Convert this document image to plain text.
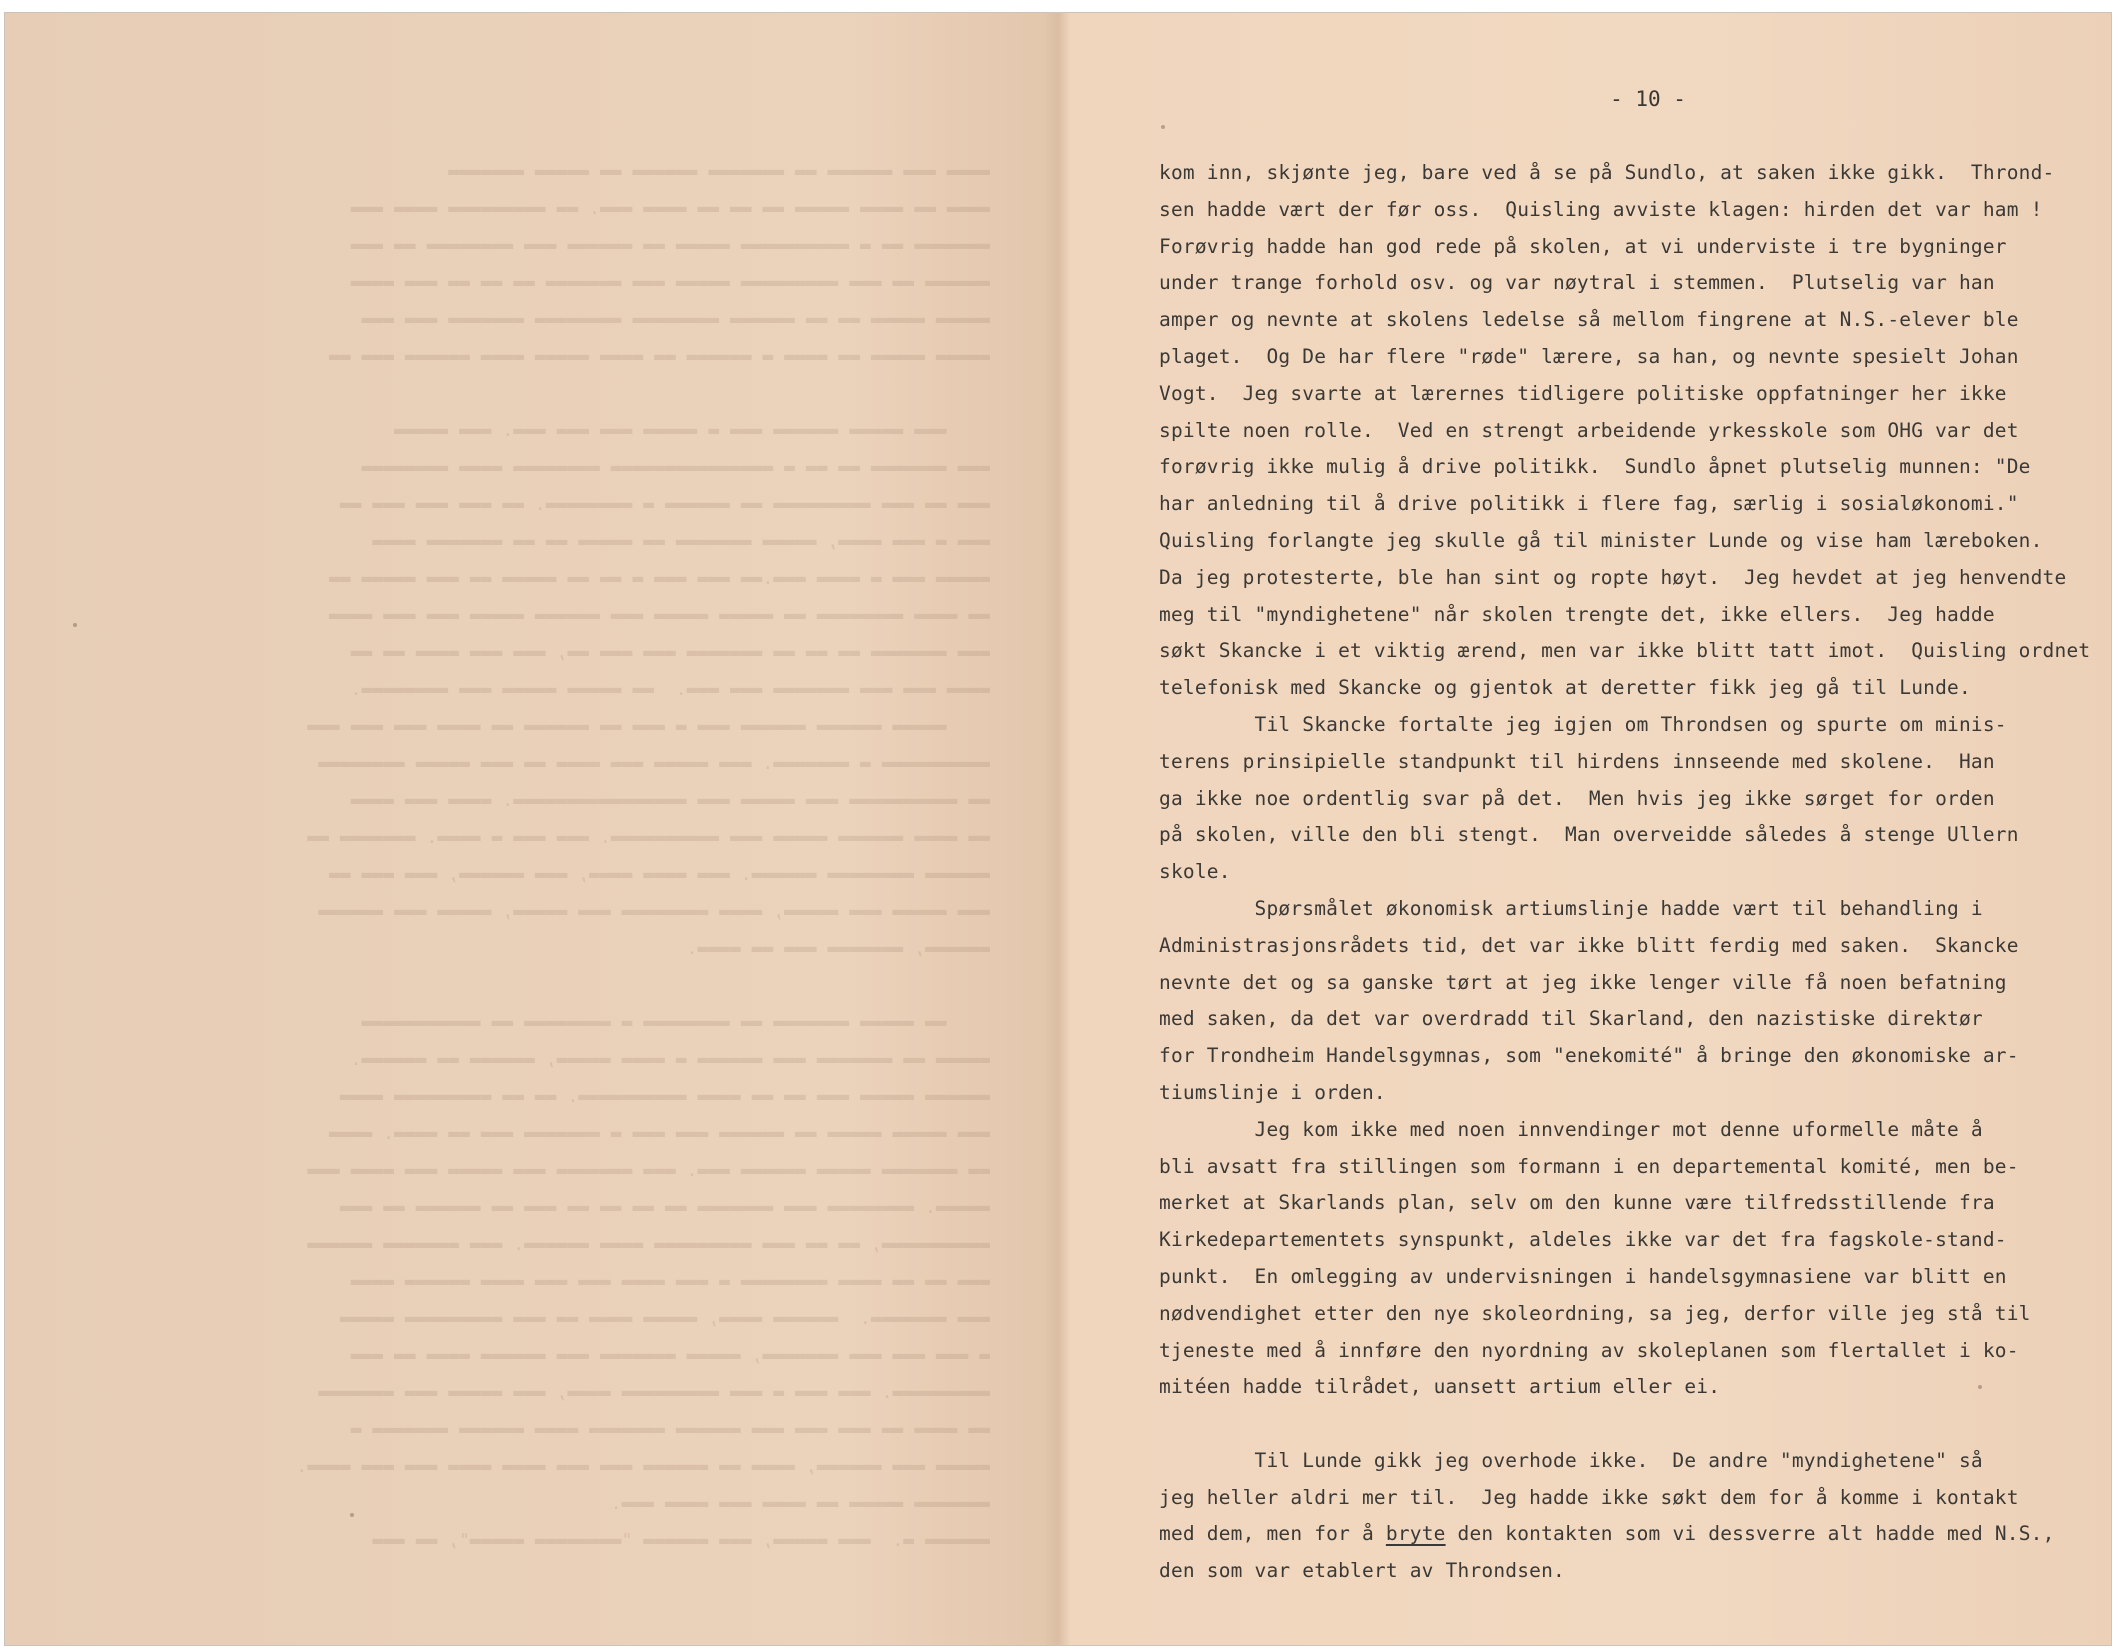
▬▬▬▬ ▬▬▬ ▬▬▬▬▬▬ ▬▬ ▬▬▬▬▬▬▬ ▬▬▬▬▬▬ ▬▬ ▬▬▬▬▬ ▬▬▬▬▬▬▬
▬▬▬▬ ▬▬ ▬▬▬▬ ▬▬▬▬▬ ▬▬ ▬▬ ▬▬ ▬▬▬▬ ▬▬▬. ▬▬ ▬▬▬▬▬▬▬▬▬ ▬▬▬▬ ▬▬▬
▬▬▬▬▬▬▬ ▬▬ ▬ ▬▬▬▬▬▬▬▬▬▬ ▬▬▬▬▬ ▬▬ ▬▬▬▬▬▬ ▬▬▬ ▬▬▬▬▬▬▬▬ ▬▬ ▬▬▬
▬▬▬▬▬▬ ▬▬ ▬▬▬ ▬▬▬▬▬▬▬▬▬ ▬▬▬▬▬ ▬▬▬ ▬▬▬▬▬▬▬ ▬▬ ▬▬ ▬▬ ▬▬▬ ▬▬▬▬
▬▬▬▬▬ ▬▬▬▬▬ ▬▬ ▬▬ ▬▬▬▬▬▬ ▬▬▬▬▬▬▬▬ ▬▬▬▬▬▬▬▬ ▬▬▬▬▬▬▬ ▬▬▬ ▬▬▬
▬▬▬▬▬ ▬▬▬▬▬ ▬▬ ▬▬▬▬ ▬ ▬▬▬▬▬▬ ▬▬ ▬▬▬▬ ▬▬▬▬▬ ▬▬▬▬ ▬▬▬▬▬▬ ▬▬▬ ▬▬

▬▬▬ ▬▬▬▬▬ ▬▬▬▬▬▬ ▬▬▬ ▬ ▬▬▬▬▬ ▬▬▬ ▬▬▬ ▬▬▬. ▬▬▬ ▬▬▬▬▬
▬▬▬ ▬▬▬▬▬▬▬ ▬▬ ▬▬ ▬ ▬▬▬▬▬▬▬▬▬▬▬▬▬▬▬ ▬▬▬▬▬▬▬▬ ▬▬▬▬ ▬▬▬▬▬▬▬▬
▬▬▬ ▬▬ ▬▬▬ ▬▬▬▬▬▬▬▬▬ ▬▬ ▬▬▬▬▬▬ ▬ ▬▬▬▬▬▬▬▬. ▬▬ ▬▬▬ ▬▬▬ ▬▬▬ ▬▬
▬▬▬ ▬ ▬▬▬ ▬▬▬▬, ▬▬▬▬▬ ▬▬▬▬▬▬▬ ▬▬ ▬▬▬▬▬ ▬▬ ▬▬ ▬▬▬▬▬▬▬ ▬▬▬▬
▬▬▬▬▬ ▬▬▬ ▬ ▬▬▬▬ ▬▬▬.▬▬ ▬▬▬ ▬▬▬ ▬ ▬▬ ▬▬ ▬▬▬▬▬ ▬▬ ▬▬▬ ▬▬▬▬▬ ▬▬
▬▬ ▬▬▬▬ ▬▬▬▬▬▬▬▬ ▬▬ ▬▬▬▬▬ ▬▬▬▬▬ ▬▬▬ ▬▬▬▬▬▬ ▬▬▬▬▬ ▬▬▬ ▬▬▬ ▬▬▬▬
▬▬▬ ▬▬▬▬▬▬▬ ▬▬ ▬▬ ▬▬ ▬▬▬▬▬▬▬ ▬▬▬ ▬▬▬ ▬▬, ▬▬▬ ▬▬▬ ▬▬▬▬ ▬▬ ▬▬
▬▬▬▬ ▬▬▬ ▬▬▬ ▬▬▬▬▬▬▬ ▬▬▬ ▬▬▬.  ▬▬ ▬▬▬▬▬ ▬▬▬▬▬ ▬▬▬ ▬▬▬▬▬▬▬▬.
▬▬▬▬▬ ▬▬▬▬▬▬ ▬▬▬▬▬▬ ▬▬▬ ▬ ▬▬▬ ▬▬ ▬▬▬▬▬▬ ▬▬ ▬▬▬▬ ▬▬▬ ▬▬▬ ▬▬▬
▬▬▬▬▬▬▬▬▬▬ ▬ ▬▬▬▬▬▬▬. ▬▬▬ ▬▬▬▬▬ ▬▬▬ ▬▬▬▬ ▬▬ ▬▬▬ ▬▬▬▬▬ ▬▬▬▬▬▬▬▬
▬▬ ▬▬▬▬▬▬▬▬▬▬ ▬▬▬ ▬▬▬▬▬ ▬▬▬ ▬▬▬▬▬▬▬▬▬▬▬▬▬▬▬▬. ▬▬▬▬ ▬▬▬ ▬▬▬▬
▬▬ ▬▬▬▬ ▬▬▬▬▬▬ ▬▬▬▬▬ ▬▬▬ ▬▬▬▬▬▬▬▬▬▬. ▬▬▬ ▬▬▬ ▬ ▬▬▬▬. ▬▬▬▬▬▬▬ ▬▬
▬▬▬▬▬▬ ▬▬▬▬▬▬▬▬ ▬▬▬▬▬▬. ▬▬▬ ▬▬▬▬ ▬▬▬▬, ▬▬▬ ▬▬▬▬▬▬, ▬▬▬ ▬▬▬ ▬▬
▬▬▬ ▬▬▬▬▬ ▬▬▬ ▬▬▬▬▬, ▬▬▬▬ ▬▬▬▬▬▬▬▬ ▬▬▬ ▬▬▬▬▬, ▬▬▬▬▬ ▬▬▬ ▬▬▬▬▬▬
▬▬▬▬▬▬, ▬▬▬▬▬▬▬ ▬▬▬ ▬▬ ▬▬▬▬.

▬▬ ▬▬▬▬▬ ▬▬▬▬▬▬▬ ▬▬ ▬▬▬▬▬▬▬▬ ▬ ▬▬▬▬▬▬▬▬ ▬▬ ▬▬▬▬▬▬▬▬▬▬▬
▬▬▬▬▬ ▬▬ ▬▬▬▬▬▬▬ ▬▬▬ ▬▬▬▬▬▬ ▬ ▬▬▬▬ ▬▬▬▬▬, ▬▬▬▬▬▬ ▬▬ ▬▬▬▬▬▬.
▬▬▬▬▬▬ ▬▬▬▬▬ ▬▬▬ ▬▬ ▬▬ ▬▬▬▬ ▬▬▬▬▬▬▬▬▬▬. ▬▬ ▬▬ ▬▬▬▬▬▬▬▬▬ ▬▬▬▬
▬▬▬ ▬▬▬▬▬ ▬▬▬▬▬ ▬▬ ▬▬▬▬▬▬ ▬▬▬ ▬▬▬ ▬ ▬▬▬▬▬▬▬ ▬▬▬ ▬▬ ▬▬▬▬. ▬▬▬▬
▬▬ ▬▬▬▬▬▬▬ ▬▬▬▬▬ ▬▬▬▬▬▬ ▬▬▬. ▬▬▬ ▬▬▬▬▬▬▬ ▬▬▬ ▬▬▬▬▬ ▬▬▬ ▬▬▬▬ ▬▬▬
▬▬▬▬▬. ▬▬▬▬▬▬▬▬ ▬▬▬ ▬▬▬▬▬▬▬ ▬▬ ▬▬ ▬▬ ▬▬ ▬▬▬ ▬▬ ▬▬▬▬▬▬ ▬▬ ▬▬▬
▬▬▬▬▬▬▬▬▬▬, ▬▬ ▬▬ ▬▬▬ ▬▬▬▬▬▬▬▬▬ ▬▬▬▬ ▬▬▬▬▬▬. ▬▬▬ ▬▬▬▬▬▬▬ ▬▬▬▬▬▬
▬▬▬ ▬▬ ▬▬ ▬▬▬▬ ▬▬▬▬▬▬▬▬ ▬ ▬▬▬ ▬▬▬▬ ▬▬▬ ▬▬▬ ▬▬▬▬ ▬▬▬▬▬▬ ▬▬▬▬
▬▬▬ ▬▬▬▬▬▬▬.  ▬▬▬▬▬▬ ▬▬▬▬, ▬▬▬▬▬ ▬▬▬▬ ▬▬ ▬▬▬ ▬▬▬▬▬▬▬▬▬ ▬▬▬▬▬
▬ ▬▬▬ ▬▬▬ ▬▬▬ ▬▬▬▬▬▬▬, ▬▬▬▬▬ ▬▬▬▬▬▬▬ ▬▬▬ ▬▬▬▬▬▬ ▬▬▬▬ ▬▬ ▬▬▬
▬▬▬▬▬▬▬▬▬. ▬▬▬ ▬▬▬ ▬ ▬▬▬ ▬▬▬▬▬▬▬▬▬ ▬▬▬▬, ▬▬▬ ▬▬▬▬▬ ▬▬▬ ▬▬▬▬▬▬▬
▬▬ ▬▬▬▬ ▬▬ ▬▬▬ ▬▬▬ ▬▬▬ ▬▬▬▬▬▬ ▬▬▬▬▬▬▬ ▬▬▬▬ ▬▬▬▬▬▬ ▬▬▬▬▬▬▬ ▬
▬▬▬▬▬ ▬▬▬ ▬▬▬▬▬▬, ▬▬▬▬ ▬▬ ▬▬▬▬▬▬ ▬▬▬ ▬▬▬ ▬▬▬▬ ▬▬▬▬ ▬▬▬ ▬▬▬ ▬▬▬▬.
▬▬▬▬▬▬▬ ▬▬▬▬▬ ▬▬ ▬▬▬▬ ▬▬▬ ▬▬▬▬ ▬▬▬.
▬▬▬▬▬▬ ▬.  ▬▬▬ ▬▬▬▬▬, ▬▬▬ ▬▬▬▬▬▬ "▬▬▬▬▬▬▬▬ ▬▬▬▬▬", ▬▬ ▬▬▬
- 10 -
kom inn, skjønte jeg, bare ved å se på Sundlo, at saken ikke gikk.  Thrond-
sen hadde vært der før oss.  Quisling avviste klagen: hirden det var ham !
Forøvrig hadde han god rede på skolen, at vi underviste i tre bygninger
under trange forhold osv. og var nøytral i stemmen.  Plutselig var han
amper og nevnte at skolens ledelse så mellom fingrene at N.S.-elever ble
plaget.  Og De har flere "røde" lærere, sa han, og nevnte spesielt Johan
Vogt.  Jeg svarte at lærernes tidligere politiske oppfatninger her ikke
spilte noen rolle.  Ved en strengt arbeidende yrkesskole som OHG var det
forøvrig ikke mulig å drive politikk.  Sundlo åpnet plutselig munnen: "De
har anledning til å drive politikk i flere fag, særlig i sosialøkonomi."
Quisling forlangte jeg skulle gå til minister Lunde og vise ham læreboken.
Da jeg protesterte, ble han sint og ropte høyt.  Jeg hevdet at jeg henvendte
meg til "myndighetene" når skolen trengte det, ikke ellers.  Jeg hadde
søkt Skancke i et viktig ærend, men var ikke blitt tatt imot.  Quisling ordnet
telefonisk med Skancke og gjentok at deretter fikk jeg gå til Lunde.
Til Skancke fortalte jeg igjen om Throndsen og spurte om minis-
terens prinsipielle standpunkt til hirdens innseende med skolene.  Han
ga ikke noe ordentlig svar på det.  Men hvis jeg ikke sørget for orden
på skolen, ville den bli stengt.  Man overveidde således å stenge Ullern
skole.
Spørsmålet økonomisk artiumslinje hadde vært til behandling i
Administrasjonsrådets tid, det var ikke blitt ferdig med saken.  Skancke
nevnte det og sa ganske tørt at jeg ikke lenger ville få noen befatning
med saken, da det var overdradd til Skarland, den nazistiske direktør
for Trondheim Handelsgymnas, som "enekomité" å bringe den økonomiske ar-
tiumslinje i orden.
Jeg kom ikke med noen innvendinger mot denne uformelle måte å
bli avsatt fra stillingen som formann i en departemental komité, men be-
merket at Skarlands plan, selv om den kunne være tilfredsstillende fra
Kirkedepartementets synspunkt, aldeles ikke var det fra fagskole-stand-
punkt.  En omlegging av undervisningen i handelsgymnasiene var blitt en
nødvendighet etter den nye skoleordning, sa jeg, derfor ville jeg stå til
tjeneste med å innføre den nyordning av skoleplanen som flertallet i ko-
mitéen hadde tilrådet, uansett artium eller ei.
Til Lunde gikk jeg overhode ikke.  De andre "myndighetene" så
jeg heller aldri mer til.  Jeg hadde ikke søkt dem for å komme i kontakt
med dem, men for å bryte den kontakten som vi dessverre alt hadde med N.S.,
den som var etablert av Throndsen.
